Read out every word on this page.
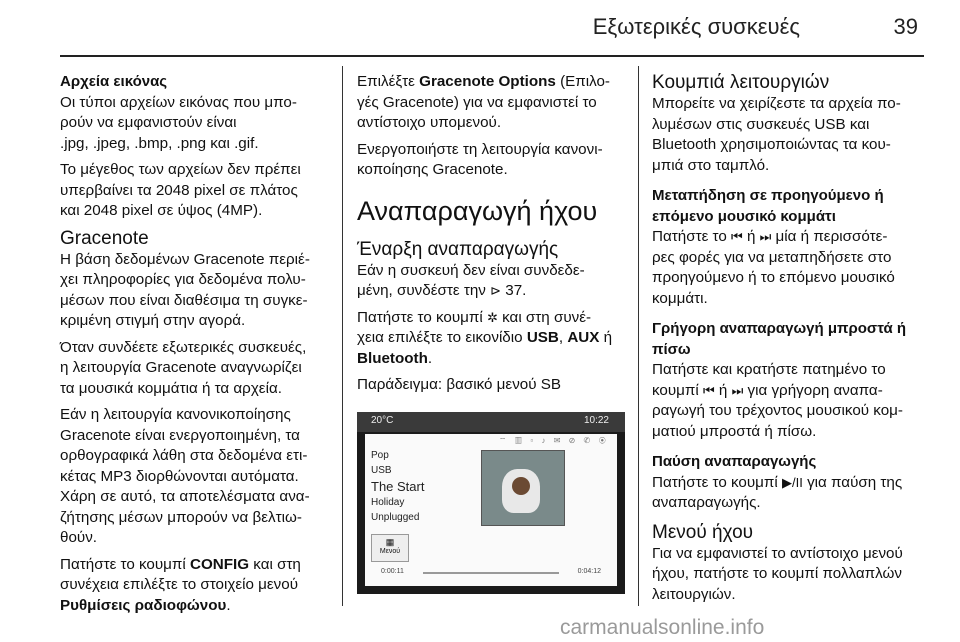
Εξωτερικές συσκευές	39
Αρχεία εικόνας
Οι τύποι αρχείων εικόνας που μπο‐
ρούν να εμφανιστούν είναι
.jpg, .jpeg, .bmp, .png και .gif.
Το μέγεθος των αρχείων δεν πρέπει
υπερβαίνει τα 2048 pixel σε πλάτος
και 2048 pixel σε ύψος (4MP).
Gracenote
Η βάση δεδομένων Gracenote περιέ‐
χει πληροφορίες για δεδομένα πολυ‐
μέσων που είναι διαθέσιμα τη συγκε‐
κριμένη στιγμή στην αγορά.
Όταν συνδέετε εξωτερικές συσκευές,
η λειτουργία Gracenote αναγνωρίζει
τα μουσικά κομμάτια ή τα αρχεία.
Εάν η λειτουργία κανονικοποίησης
Gracenote είναι ενεργοποιημένη, τα
ορθογραφικά λάθη στα δεδομένα ετι‐
κέτας MP3 διορθώνονται αυτόματα.
Χάρη σε αυτό, τα αποτελέσματα ανα‐
ζήτησης μέσων μπορούν να βελτιω‐
θούν.
Πατήστε το κουμπί CONFIG και στη
συνέχεια επιλέξτε το στοιχείο μενού
Ρυθμίσεις ραδιοφώνου.
Επιλέξτε Gracenote Options (Επιλο‐
γές Gracenote) για να εμφανιστεί το
αντίστοιχο υπομενού.
Ενεργοποιήστε τη λειτουργία κανονι‐
κοποίησης Gracenote.
Αναπαραγωγή ήχου
Έναρξη αναπαραγωγής
Εάν η συσκευή δεν είναι συνδεδε‐
μένη, συνδέστε την ⊳ 37.
Πατήστε το κουμπί ✲ και στη συνέ‐
χεια επιλέξτε το εικονίδιο USB, AUX ή
Bluetooth.
Παράδειγμα: βασικό μενού SB
20°C	10:22
⌔ ▥ ▫ ♪ ✉ ⊘ ✆ ◉
Pop
USB
The Start
Holiday
Unplugged
▦
Μενού
0:00:11	0:04:12
Κουμπιά λειτουργιών
Μπορείτε να χειρίζεστε τα αρχεία πο‐
λυμέσων στις συσκευές USB και
Bluetooth χρησιμοποιώντας τα κου‐
μπιά στο ταμπλό.
Μεταπήδηση σε προηγούμενο ή
επόμενο μουσικό κομμάτι
Πατήστε το ⏮ ή ⏭ μία ή περισσότε‐
ρες φορές για να μεταπηδήσετε στο
προηγούμενο ή το επόμενο μουσικό
κομμάτι.
Γρήγορη αναπαραγωγή μπροστά ή
πίσω
Πατήστε και κρατήστε πατημένο το
κουμπί ⏮ ή ⏭ για γρήγορη αναπα‐
ραγωγή του τρέχοντος μουσικού κομ‐
ματιού μπροστά ή πίσω.
Παύση αναπαραγωγής
Πατήστε το κουμπί ▶/II για παύση της
αναπαραγωγής.
Μενού ήχου
Για να εμφανιστεί το αντίστοιχο μενού
ήχου, πατήστε το κουμπί πολλαπλών
λειτουργιών.
carmanualsonline.info
